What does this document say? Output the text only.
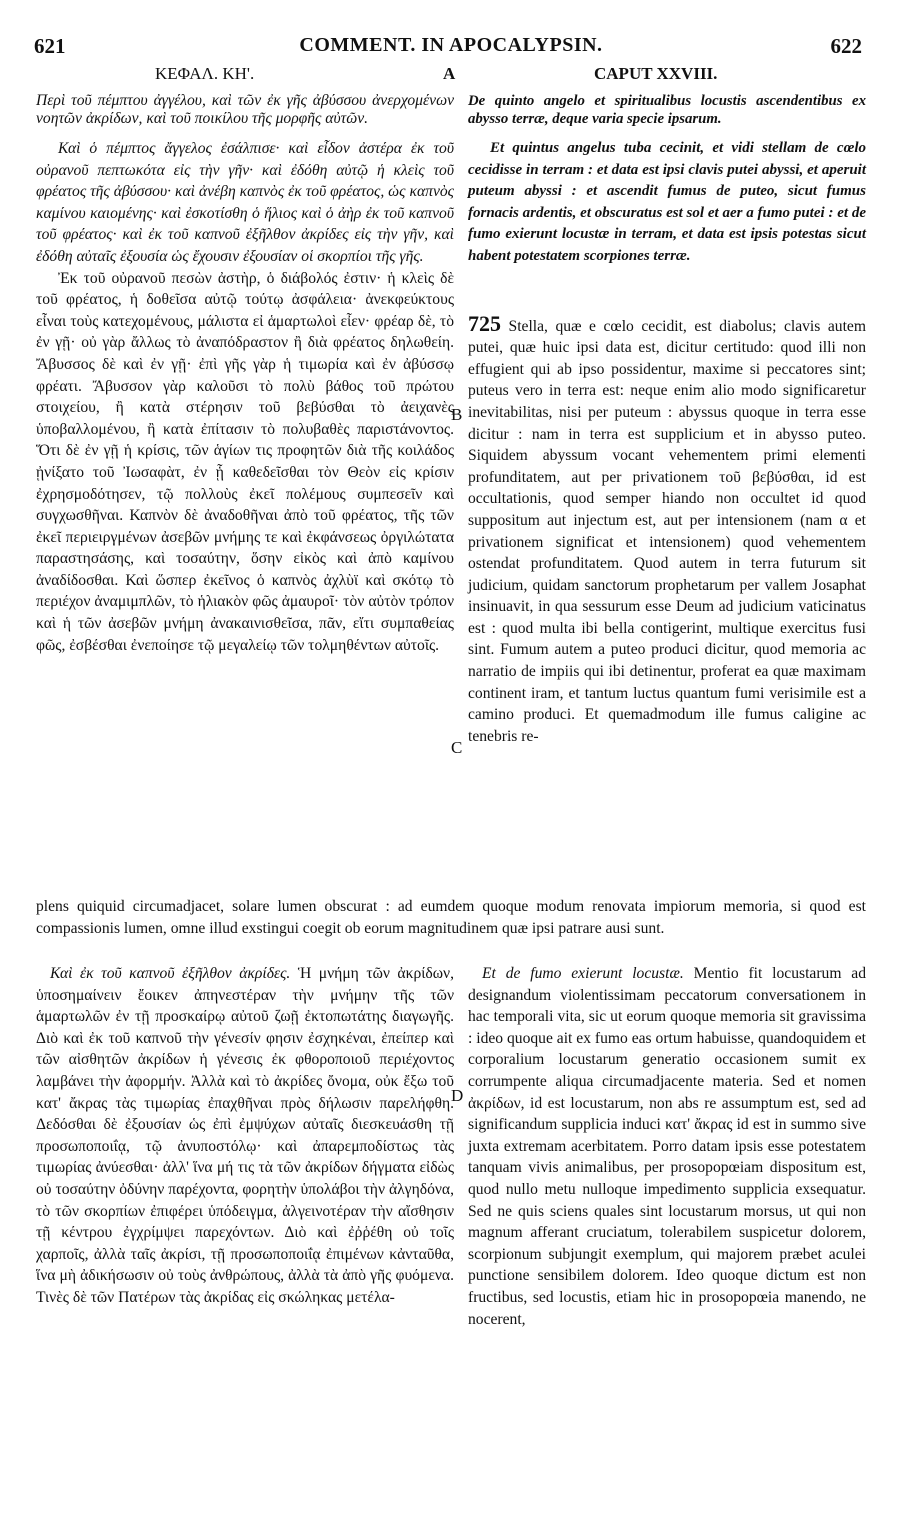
621	COMMENT. IN APOCALYPSIN.	622
ΚΕΦΑΛ. ΚΗ'.	A	CAPUT XXVIII.

Περὶ τοῦ πέμπτου ἀγγέλου, καὶ τῶν ἐκ γῆς ἀβύσσου ἀνερχομένων νοητῶν ἀκρίδων, καὶ τοῦ ποικίλου τῆς μορφῆς αὐτῶν.

Καὶ ὁ πέμπτος ἄγγελος ἐσάλπισε· καὶ εἶδον ἀστέρα ἐκ τοῦ οὐρανοῦ πεπτωκότα εἰς τὴν γῆν· καὶ ἐδόθη αὐτῷ ἡ κλεὶς τοῦ φρέατος τῆς ἀβύσσου· καὶ ἀνέβη καπνὸς ἐκ τοῦ φρέατος, ὡς καπνὸς καμίνου καιομένης· καὶ ἐσκοτίσθη ὁ ἥλιος καὶ ὁ ἀὴρ ἐκ τοῦ καπνοῦ τοῦ φρέατος· καὶ ἐκ τοῦ καπνοῦ ἐξῆλθον ἀκρίδες εἰς τὴν γῆν, καὶ ἐδόθη αὐταῖς ἐξουσία ὡς ἔχουσιν ἐξουσίαν οἱ σκορπίοι τῆς γῆς.

Ἐκ τοῦ οὐρανοῦ πεσὼν ἀστὴρ, ὁ διάβολός ἐστιν· ἡ κλεὶς δὲ τοῦ φρέατος, ἡ δοθεῖσα αὐτῷ τούτῳ ἀσφάλεια· ἀνεκφεύκτους εἶναι τοὺς κατεχομένους, μάλιστα εἰ ἁμαρτωλοὶ εἶεν· φρέαρ δὲ, τὸ ἐν γῇ· οὐ γὰρ ἄλλως τὸ ἀναπόδραστον ἢ διὰ φρέατος δηλωθείη. Ἄβυσσος δὲ καὶ ἐν γῇ· ἐπὶ γῆς γὰρ ἡ τιμωρία καὶ ἐν ἀβύσσῳ φρέατι. Ἄβυσσον γὰρ καλοῦσι τὸ πολὺ βάθος τοῦ πρώτου στοιχείου, ἢ κατὰ στέρησιν τοῦ βεβύσθαι τὸ ἀειχανὲς ὑποβαλλομένου, ἢ κατὰ ἐπίτασιν τὸ πολυβαθὲς παριστάνοντος. Ὅτι δὲ ἐν γῇ ἡ κρίσις, τῶν ἁγίων τις προφητῶν διὰ τῆς κοιλάδος ᾐνίξατο τοῦ Ἰωσαφὰτ, ἐν ᾗ καθεδεῖσθαι τὸν Θεὸν εἰς κρίσιν ἐχρησμοδότησεν, τῷ πολλοὺς ἐκεῖ πολέμους συμπεσεῖν καὶ συγχωσθῆναι. Καπνὸν δὲ ἀναδοθῆναι ἀπὸ τοῦ φρέατος, τῆς τῶν ἐκεῖ περιειργμένων ἀσεβῶν μνήμης τε καὶ ἐκφάνσεως ὀργιλώτατα παραστησάσης, καὶ τοσαύτην, ὅσην εἰκὸς καὶ ἀπὸ καμίνου ἀναδίδοσθαι. Καὶ ὥσπερ ἐκεῖνος ὁ καπνὸς ἀχλὺϊ καὶ σκότῳ τὸ περιέχον ἀναμιμπλῶν, τὸ ἡλιακὸν φῶς ἀμαυροῖ· τὸν αὐτὸν τρόπον καὶ ἡ τῶν ἀσεβῶν μνήμη ἀνακαινισθεῖσα, πᾶν, εἴτι συμπαθείας φῶς, ἐσβέσθαι ἐνεποίησε τῷ μεγαλείῳ τῶν τολμηθέντων αὐτοῖς.

De quinto angelo et spiritualibus locustis ascendentibus ex abysso terræ, deque varia specie ipsarum.

Et quintus angelus tuba cecinit, et vidi stellam de cœlo cecidisse in terram : et data est ipsi clavis putei abyssi, et aperuit puteum abyssi : et ascendit fumus de puteo, sicut fumus fornacis ardentis, et obscuratus est sol et aer a fumo putei : et de fumo exierunt locustæ in terram, et data est ipsis potestas sicut habent potestatem scorpiones terræ.

725 Stella, quæ e cœlo cecidit, est diabolus; clavis autem putei, quæ huic ipsi data est, dicitur certitudo: quod illi non effugient qui ab ipso possidentur, maxime si peccatores sint; puteus vero in terra est: neque enim alio modo significaretur inevitabilitas, nisi per puteum : abyssus quoque in terra esse dicitur : nam in terra est supplicium et in abysso puteo. Siquidem abyssum vocant vehementem primi elementi profunditatem, aut per privationem τοῦ βεβύσθαι, id est occultationis, quod semper hiando non occultet id quod suppositum aut injectum est, aut per intensionem (nam α et privationem significat et intensionem) quod vehementem ostendat profunditatem. Quod autem in terra futurum sit judicium, quidam sanctorum prophetarum per vallem Josaphat insinuavit, in qua sessurum esse Deum ad judicium vaticinatus est : quod multa ibi bella contigerint, multique exercitus fusi sint. Fumum autem a puteo produci dicitur, quod memoria ac narratio de impiis qui ibi detinentur, proferat ea quæ maximam continent iram, et tantum luctus quantum fumi verisimile est a camino produci. Et quemadmodum ille fumus caligine ac tenebris re-

B
C
D
plens quiquid circumadjacet, solare lumen obscurat : ad eumdem quoque modum renovata impiorum memoria, si quod est compassionis lumen, omne illud exstingui coegit ob eorum magnitudinem quæ ipsi patrare ausi sunt.

Καὶ ἐκ τοῦ καπνοῦ ἐξῆλθον ἀκρίδες. Ἡ μνήμη τῶν ἀκρίδων, ὑποσημαίνειν ἔοικεν ἀπηνεστέραν τὴν μνήμην τῆς τῶν ἁμαρτωλῶν ἐν τῇ προσκαίρῳ αὐτοῦ ζωῇ ἐκτοπωτάτης διαγωγῆς. Διὸ καὶ ἐκ τοῦ καπνοῦ τὴν γένεσίν φησιν ἐσχηκέναι, ἐπείπερ καὶ τῶν αἰσθητῶν ἀκρίδων ἡ γένεσις ἐκ φθοροποιοῦ περιέχοντος λαμβάνει τὴν ἀφορμήν. Ἀλλὰ καὶ τὸ ἀκρίδες ὄνομα, οὐκ ἔξω τοῦ κατ' ἄκρας τὰς τιμωρίας ἐπαχθῆναι πρὸς δήλωσιν παρελήφθη. Δεδόσθαι δὲ ἐξουσίαν ὡς ἐπὶ ἐμψύχων αὐταῖς διεσκευάσθη τῇ προσωποποιΐᾳ, τῷ ἀνυποστόλῳ· καὶ ἀπαρεμποδίστως τὰς τιμωρίας ἀνύεσθαι· ἀλλ' ἵνα μή τις τὰ τῶν ἀκρίδων δήγματα εἰδὼς οὐ τοσαύτην ὀδύνην παρέχοντα, φορητὴν ὑπολάβοι τὴν ἀλγηδόνα, τὸ τῶν σκορπίων ἐπιφέρει ὑπόδειγμα, ἀλγεινοτέραν τὴν αἴσθησιν τῇ κέντρου ἐγχρίμψει παρεχόντων. Διὸ καὶ ἐῤῥέθη οὐ τοῖς χαρποῖς, ἀλλὰ ταῖς ἀκρίσι, τῇ προσωποποιΐᾳ ἐπιμένων κἀνταῦθα, ἵνα μὴ ἀδικήσωσιν οὐ τοὺς ἀνθρώπους, ἀλλὰ τὰ ἀπὸ γῆς φυόμενα. Τινὲς δὲ τῶν Πατέρων τὰς ἀκρίδας εἰς σκώληκας μετέλα-

Et de fumo exierunt locustæ. Mentio fit locustarum ad designandum violentissimam peccatorum conversationem in hac temporali vita, sic ut eorum quoque memoria sit gravissima : ideo quoque ait ex fumo eas ortum habuisse, quandoquidem et corporalium locustarum generatio occasionem sumit ex corrumpente aliqua circumadjacente materia. Sed et nomen ἀκρίδων, id est locustarum, non abs re assumptum est, sed ad significandum supplicia induci κατ' ἄκρας id est in summo sive juxta extremam acerbitatem. Porro datam ipsis esse potestatem tanquam vivis animalibus, per prosopopœiam dispositum est, quod nullo metu nulloque impedimento supplicia exsequatur. Sed ne quis sciens quales sint locustarum morsus, ut qui non magnum afferant cruciatum, tolerabilem suspicetur dolorem, scorpionum subjungit exemplum, qui majorem præbet aculei punctione sensibilem dolorem. Ideo quoque dictum est non fructibus, sed locustis, etiam hic in prosopopœia manendo, ne nocerent,
